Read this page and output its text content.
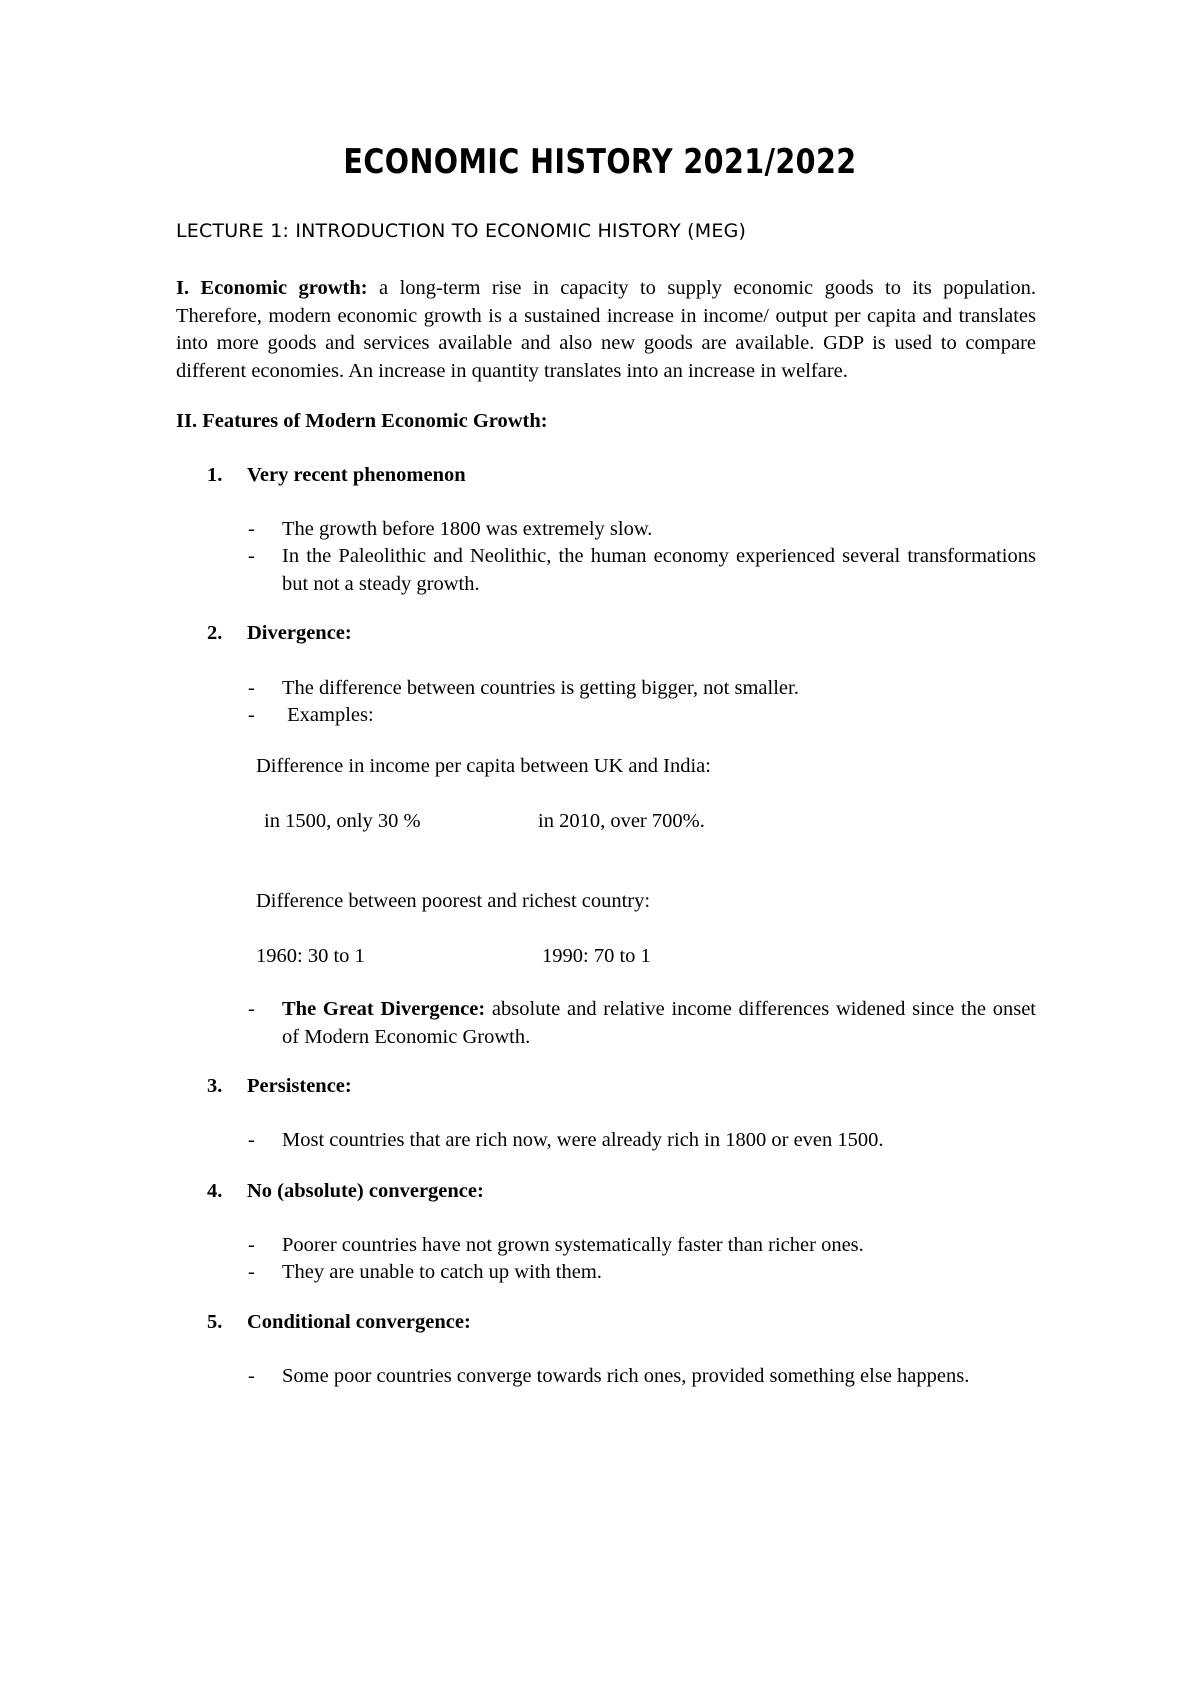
ECONOMIC HISTORY 2021/2022
LECTURE 1: INTRODUCTION TO ECONOMIC HISTORY (MEG)
I. Economic growth: a long-term rise in capacity to supply economic goods to its population. Therefore, modern economic growth is a sustained increase in income/ output per capita and translates into more goods and services available and also new goods are available. GDP is used to compare different economies. An increase in quantity translates into an increase in welfare.
II. Features of Modern Economic Growth:
1. Very recent phenomenon
- The growth before 1800 was extremely slow.
- In the Paleolithic and Neolithic, the human economy experienced several transformations but not a steady growth.
2. Divergence:
- The difference between countries is getting bigger, not smaller.
- Examples:
Difference in income per capita between UK and India:
in 1500, only 30 %	in 2010, over 700%.
Difference between poorest and richest country:
1960: 30 to 1	1990: 70 to 1
- The Great Divergence: absolute and relative income differences widened since the onset of Modern Economic Growth.
3. Persistence:
- Most countries that are rich now, were already rich in 1800 or even 1500.
4. No (absolute) convergence:
- Poorer countries have not grown systematically faster than richer ones.
- They are unable to catch up with them.
5. Conditional convergence:
- Some poor countries converge towards rich ones, provided something else happens.
